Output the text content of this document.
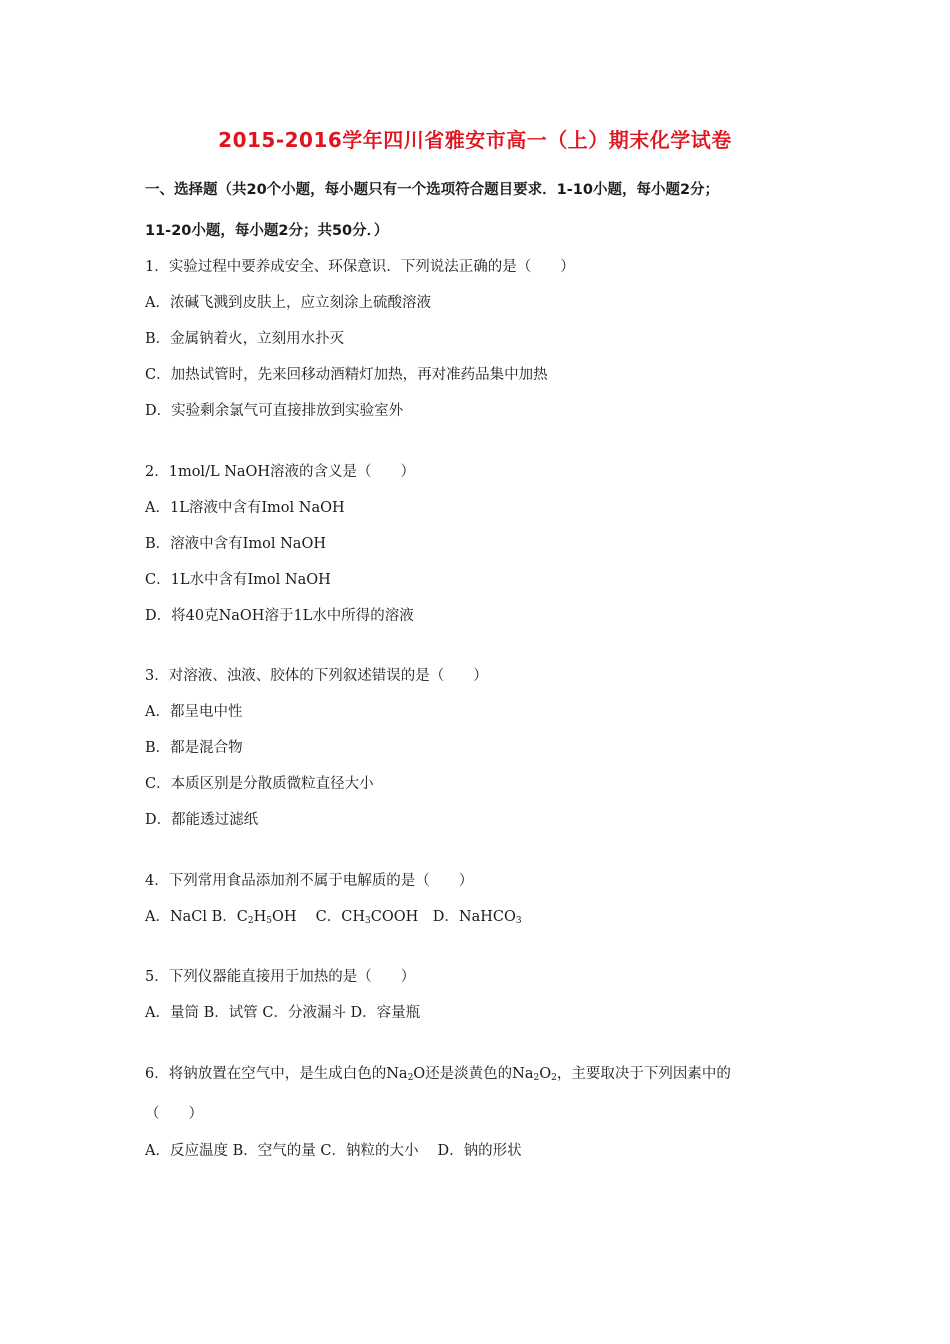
2015-2016学年四川省雅安市高一（上）期末化学试卷
一、选择题（共20个小题，每小题只有一个选项符合题目要求．1-10小题，每小题2分；
11-20小题，每小题2分；共50分．）
1．实验过程中要养成安全、环保意识．下列说法正确的是（　　）
A．浓碱飞溅到皮肤上，应立刻涂上硫酸溶液
B．金属钠着火，立刻用水扑灭
C．加热试管时，先来回移动酒精灯加热，再对准药品集中加热
D．实验剩余氯气可直接排放到实验室外
2．1mol/L NaOH溶液的含义是（　　）
A．1L溶液中含有Imol NaOH
B．溶液中含有Imol NaOH
C．1L水中含有Imol NaOH
D．将40克NaOH溶于1L水中所得的溶液
3．对溶液、浊液、胶体的下列叙述错误的是（　　）
A．都呈电中性
B．都是混合物
C．本质区别是分散质微粒直径大小
D．都能透过滤纸
4．下列常用食品添加剂不属于电解质的是（　　）
A．NaCl B．$C_2H_5OH$　 C．$CH_3COOH$　D．NaHCO$_3$
5．下列仪器能直接用于加热的是（　　）
A．量筒 B．试管 C．分液漏斗 D．容量瓶
6．将钠放置在空气中，是生成白色的$Na_2O$还是淡黄色的$Na_2O_2$，主要取决于下列因素中的
（　　）
A．反应温度 B．空气的量 C．钠粒的大小　 D．钠的形状
